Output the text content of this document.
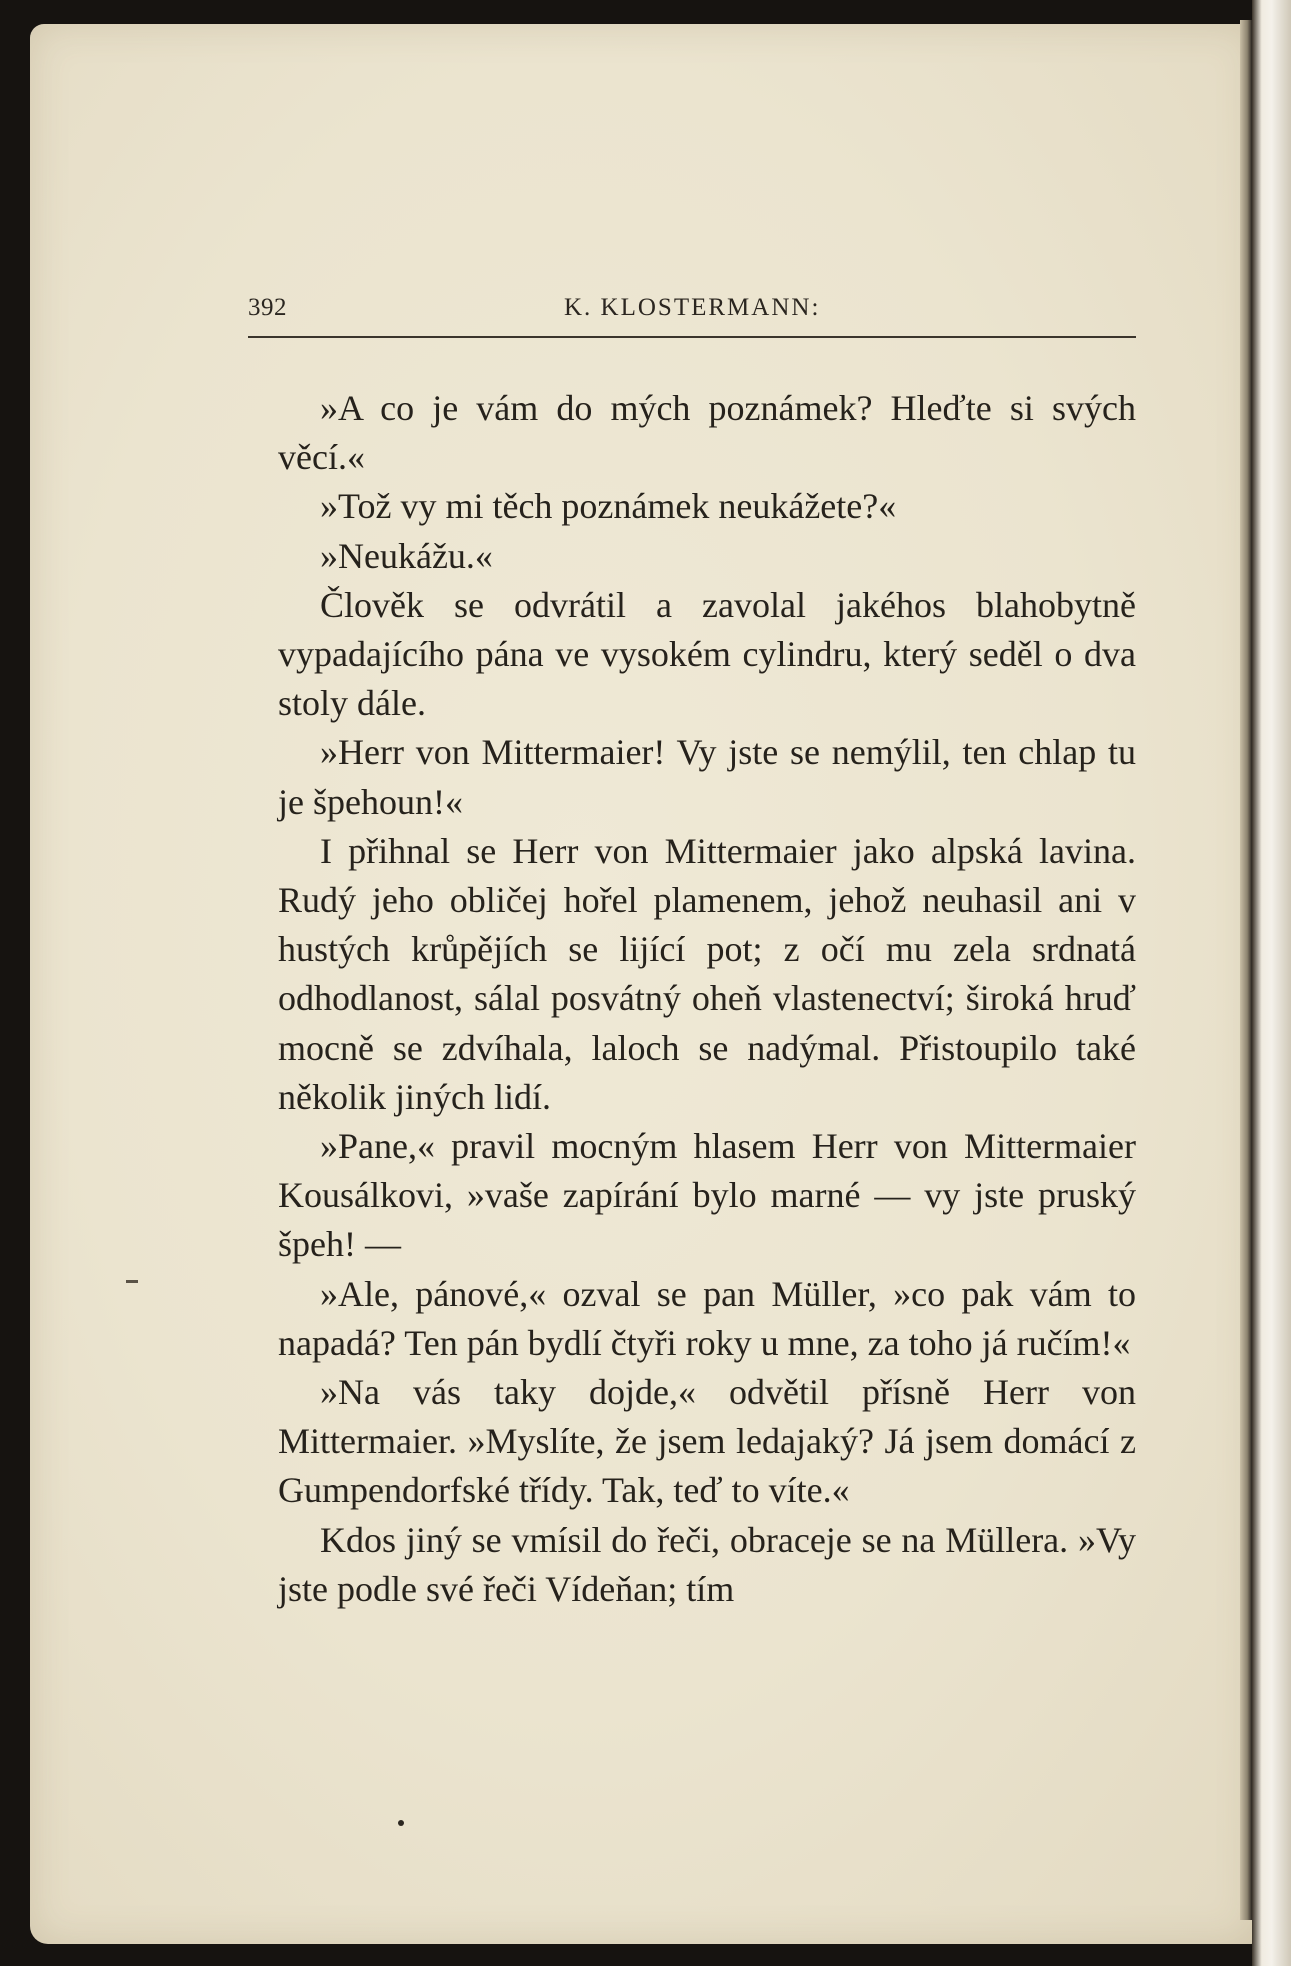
392	K. KLOSTERMANN:

»A co je vám do mých poznámek? Hleďte si svých věcí.«

»Tož vy mi těch poznámek neukážete?«

»Neukážu.«

Člověk se odvrátil a zavolal jakéhos blahobytně vypadajícího pána ve vysokém cylindru, který seděl o dva stoly dále.

»Herr von Mittermaier! Vy jste se nemýlil, ten chlap tu je špehoun!«

I přihnal se Herr von Mittermaier jako alpská lavina. Rudý jeho obličej hořel plamenem, jehož neuhasil ani v hustých krůpějích se lijící pot; z očí mu zela srdnatá odhodlanost, sálal posvátný oheň vlastenectví; široká hruď mocně se zdvíhala, laloch se nadýmal. Přistoupilo také několik jiných lidí.

»Pane,« pravil mocným hlasem Herr von Mittermaier Kousálkovi, »vaše zapírání bylo marné — vy jste pruský špeh! —

»Ale, pánové,« ozval se pan Müller, »co pak vám to napadá? Ten pán bydlí čtyři roky u mne, za toho já ručím!«

»Na vás taky dojde,« odvětil přísně Herr von Mittermaier. »Myslíte, že jsem ledajaký? Já jsem domácí z Gumpendorfské třídy. Tak, teď to víte.«

Kdos jiný se vmísil do řeči, obraceje se na Müllera. »Vy jste podle své řeči Vídeňan; tím
